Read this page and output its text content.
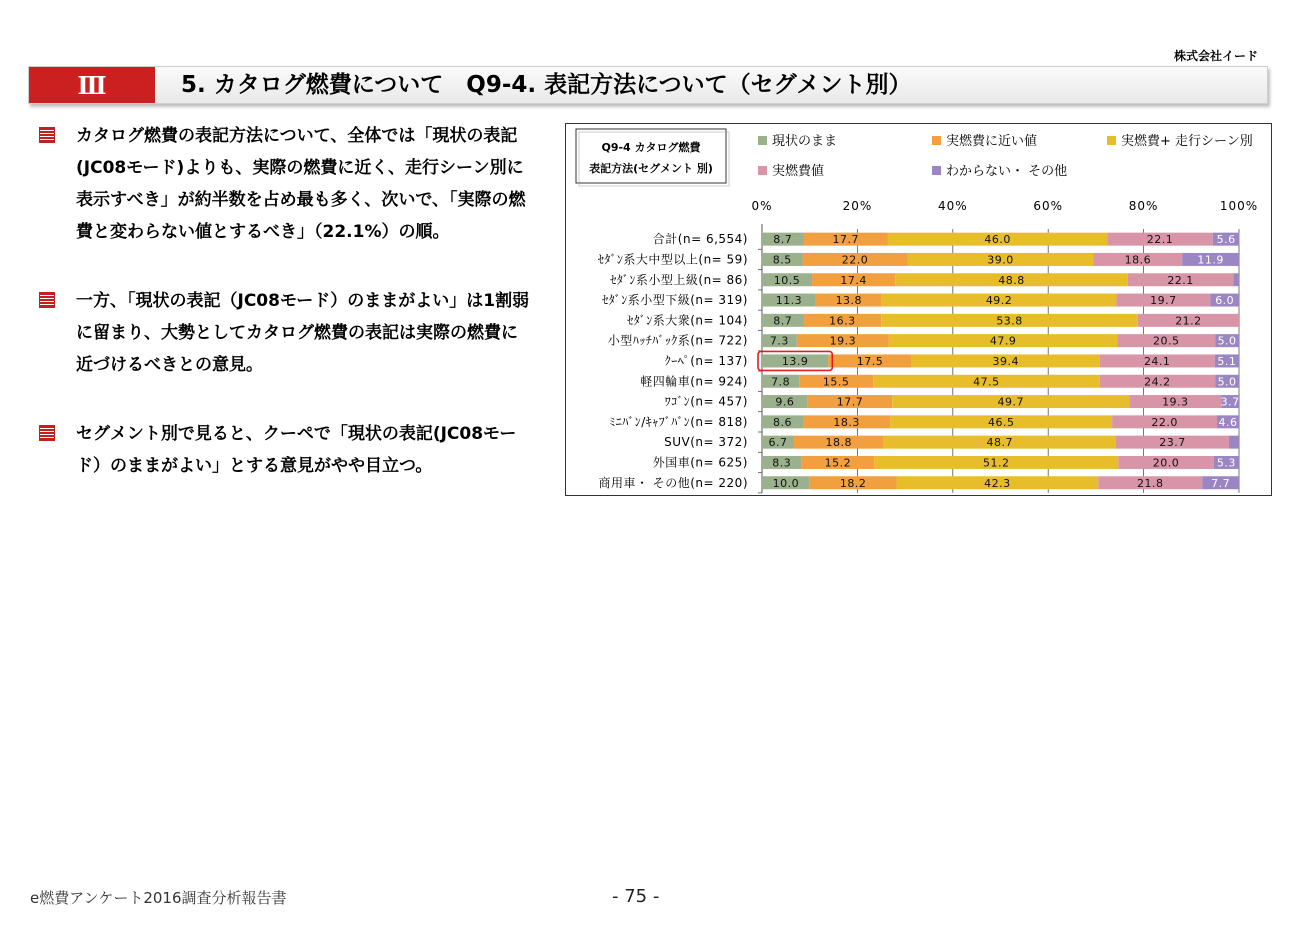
株式会社イード
Ⅲ	5. カタログ燃費について　Q9-4. 表記方法について（セグメント別）
カタログ燃費の表記方法について、全体では「現状の表記(JC08モード)よりも、実際の燃費に近く、走行シーン別に表示すべき」が約半数を占め最も多く、次いで、「実際の燃費と変わらない値とするべき」（22.1%）の順。
一方、「現状の表記（JC08モード）のままがよい」は1割弱に留まり、大勢としてカタログ燃費の表記は実際の燃費に近づけるべきとの意見。
セグメント別で見ると、クーペで「現状の表記(JC08モード）のままがよい」とする意見がやや目立つ。
Q9-4 カタログ燃費
表記方法(セグメント 別)
現状のまま	実燃費に近い値	実燃費+ 走行シーン別
実燃費値	わからない・ その他
0%	20%	40%	60%	80%	100%
合計(n= 6,554) 8.7	17.7	46.0	22.1	5.6
ｾﾀﾞﾝ系大中型以上(n= 59) 8.5	22.0	39.0	18.6	11.9
ｾﾀﾞﾝ系小型上級(n= 86) 10.5	17.4	48.8	22.1
ｾﾀﾞﾝ系小型下級(n= 319)	11.3	13.8	49.2	19.7	6.0
ｾﾀﾞﾝ系大衆(n= 104) 8.7	16.3	53.8	21.2
小型ﾊｯﾁﾊﾞｯｸ系(n= 722) 7.3	19.3	47.9	20.5	5.0
ｸｰﾍﾟ(n= 137)	13.9	17.5	39.4	24.1	5.1
軽四輪車(n= 924) 7.8	15.5	47.5	24.2	5.0
ﾜｺﾞﾝ(n= 457) 9.6	17.7	49.7	19.3	3.7
ﾐﾆﾊﾞﾝ/ｷｬﾌﾞﾊﾞﾝ(n= 818) 8.6	18.3	46.5	22.0	4.6
SUV(n= 372) 6.7	18.8	48.7	23.7
外国車(n= 625) 8.3	15.2	51.2	20.0	5.3
商用車・ その他(n= 220) 10.0	18.2	42.3	21.8	7.7
e燃費アンケート2016調査分析報告書	- 75 -
